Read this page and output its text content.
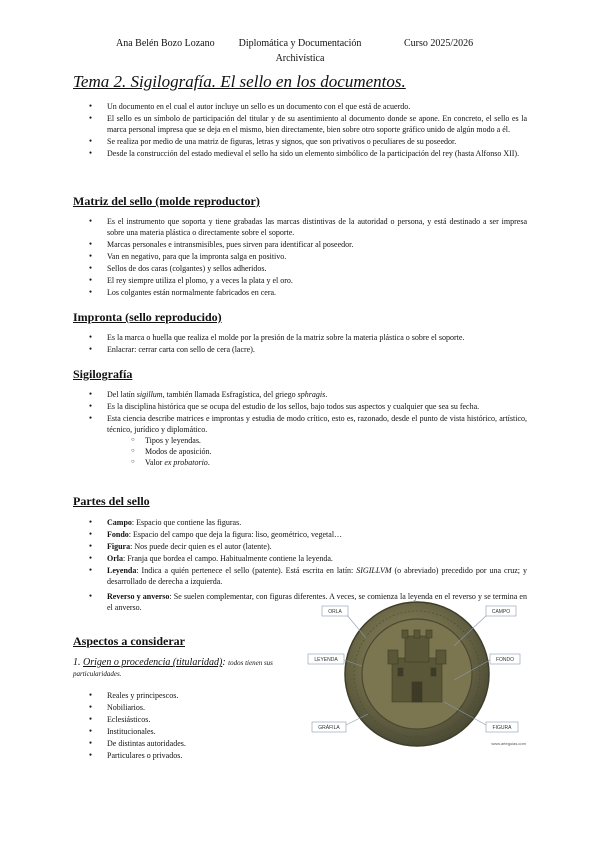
Ana Belén Bozo Lozano	Diplomática y Documentación Archivística
Curso 2025/2026
Tema 2. Sigilografía. El sello en los documentos.
● Un documento en el cual el autor incluye un sello es un documento con el que está de acuerdo.
● El sello es un símbolo de participación del titular y de su asentimiento al documento donde se apone. En concreto, el sello es la marca personal impresa que se deja en el mismo, bien directamente, bien sobre otro soporte gráfico unido de algún modo a él.
● Se realiza por medio de una matriz de figuras, letras y signos, que son privativos o peculiares de su poseedor.
● Desde la construcción del estado medieval el sello ha sido un elemento simbólico de la participación del rey (hasta Alfonso XII).
Matriz del sello (molde reproductor)
● Es el instrumento que soporta y tiene grabadas las marcas distintivas de la autoridad o persona, y está destinado a ser impresa sobre una materia plástica o directamente sobre el soporte.
● Marcas personales e intransmisibles, pues sirven para identificar al poseedor.
● Van en negativo, para que la impronta salga en positivo.
● Sellos de dos caras (colgantes) y sellos adheridos.
● El rey siempre utiliza el plomo, y a veces la plata y el oro.
● Los colgantes están normalmente fabricados en cera.
Impronta (sello reproducido)
● Es la marca o huella que realiza el molde por la presión de la matriz sobre la materia plástica o sobre el soporte.
● Enlacrar: cerrar carta con sello de cera (lacre).
Sigilografía
● Del latín sigillum, también llamada Esfragística, del griego sphragis.
● Es la disciplina histórica que se ocupa del estudio de los sellos, bajo todos sus aspectos y cualquier que sea su fecha.
● Esta ciencia describe matrices e improntas y estudia de modo crítico, esto es, razonado, desde el punto de vista histórico, artístico, técnico, jurídico y diplomático.
○ Tipos y leyendas.
○ Modos de aposición.
○ Valor ex probatorio.
Partes del sello
● Campo: Espacio que contiene las figuras.
● Fondo: Espacio del campo que deja la figura: liso, geométrico, vegetal…
● Figura: Nos puede decir quien es el autor (latente).
● Orla: Franja que bordea el campo. Habitualmente contiene la leyenda.
● Leyenda: Indica a quién pertenece el sello (patente). Está escrita en latín: SIGILLVM (o abreviado) precedido por una cruz; y desarrollado de derecha a izquierda.
● Reverso y anverso: Se suelen complementar, con figuras diferentes. A veces, se comienza la leyenda en el reverso y se termina en el anverso.
Aspectos a considerar
1. Origen o procedencia (titularidad): todos tienen sus particularidades.
● Reales y principescos.
● Nobiliarios.
● Eclesiásticos.
● Institucionales.
● De distintas autoridades.
● Particulares o privados.
ORLA	CAMPO
LEYENDA	FONDO
GRÁFILA	FIGURA
www.arteguias.com
